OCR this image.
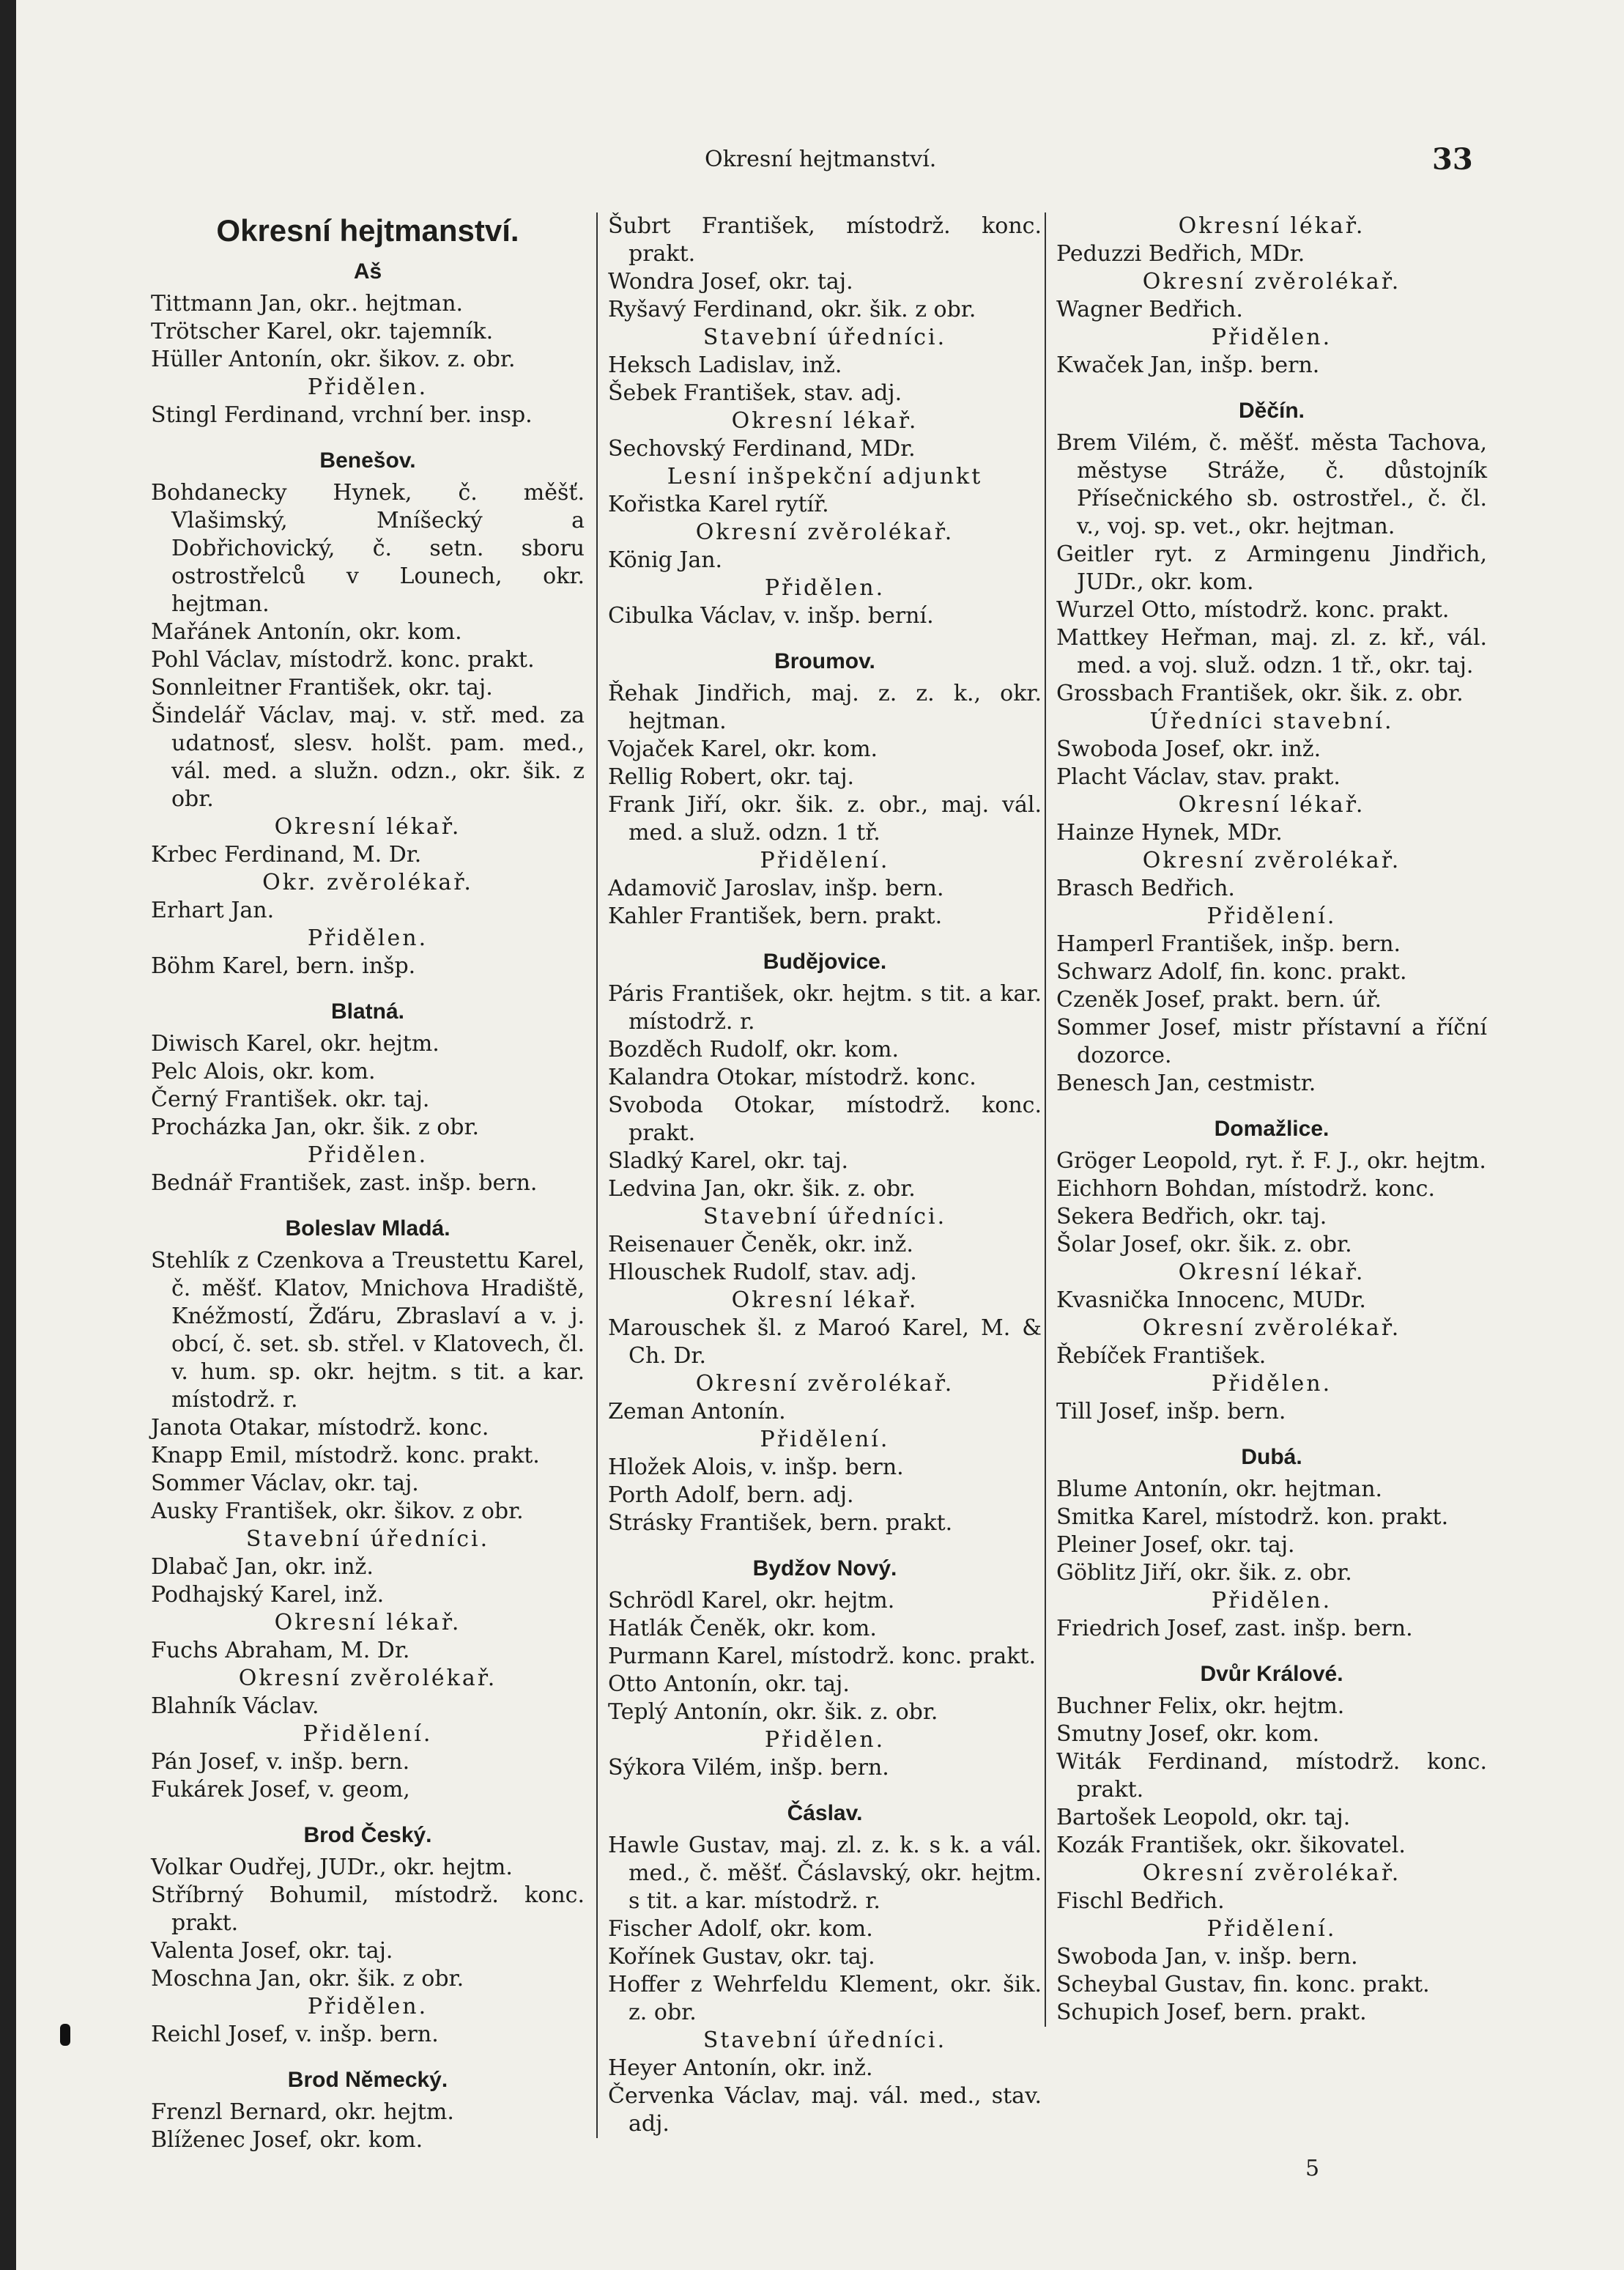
Okresní hejtmanství.	33
Okresní hejtmanství.
Aš
Tittmann Jan, okr.. hejtman.
Trötscher Karel, okr. tajemník.
Hüller Antonín, okr. šikov. z. obr.
Přidělen.
Stingl Ferdinand, vrchní ber. insp.
Benešov.
Bohdanecky Hynek, č. měšť. Vlašimský, Mníšecký a Dobřichovický, č. setn. sboru ostrostřelců v Lounech, okr. hejtman.
Mařánek Antonín, okr. kom.
Pohl Václav, místodrž. konc. prakt.
Sonnleitner František, okr. taj.
Šindelář Václav, maj. v. stř. med. za udatnosť, slesv. holšt. pam. med., vál. med. a služn. odzn., okr. šik. z obr.
Okresní lékař.
Krbec Ferdinand, M. Dr.
Okr. zvěrolékař.
Erhart Jan.
Přidělen.
Böhm Karel, bern. inšp.
Blatná.
Diwisch Karel, okr. hejtm.
Pelc Alois, okr. kom.
Černý František. okr. taj.
Procházka Jan, okr. šik. z obr.
Přidělen.
Bednář František, zast. inšp. bern.
Boleslav Mladá.
Stehlík z Czenkova a Treustettu Karel, č. měšť. Klatov, Mnichova Hradiště, Knéžmostí, Žďáru, Zbraslaví a v. j. obcí, č. set. sb. střel. v Klatovech, čl. v. hum. sp. okr. hejtm. s tit. a kar. místodrž. r.
Janota Otakar, místodrž. konc.
Knapp Emil, místodrž. konc. prakt.
Sommer Václav, okr. taj.
Ausky František, okr. šikov. z obr.
Stavební úředníci.
Dlabač Jan, okr. inž.
Podhajský Karel, inž.
Okresní lékař.
Fuchs Abraham, M. Dr.
Okresní zvěrolékař.
Blahník Václav.
Přidělení.
Pán Josef, v. inšp. bern.
Fukárek Josef, v. geom,
Brod Český.
Volkar Oudřej, JUDr., okr. hejtm.
Stříbrný Bohumil, místodrž. konc. prakt.
Valenta Josef, okr. taj.
Moschna Jan, okr. šik. z obr.
Přidělen.
Reichl Josef, v. inšp. bern.
Brod Německý.
Frenzl Bernard, okr. hejtm.
Blíženec Josef, okr. kom.
Šubrt František, místodrž. konc. prakt.
Wondra Josef, okr. taj.
Ryšavý Ferdinand, okr. šik. z obr.
Stavební úředníci.
Heksch Ladislav, inž.
Šebek František, stav. adj.
Okresní lékař.
Sechovský Ferdinand, MDr.
Lesní inšpekční adjunkt
Kořistka Karel rytíř.
Okresní zvěrolékař.
König Jan.
Přidělen.
Cibulka Václav, v. inšp. berní.
Broumov.
Řehak Jindřich, maj. z. z. k., okr. hejtman.
Vojaček Karel, okr. kom.
Rellig Robert, okr. taj.
Frank Jiří, okr. šik. z. obr., maj. vál. med. a služ. odzn. 1 tř.
Přidělení.
Adamovič Jaroslav, inšp. bern.
Kahler František, bern. prakt.
Budějovice.
Páris František, okr. hejtm. s tit. a kar. místodrž. r.
Bozděch Rudolf, okr. kom.
Kalandra Otokar, místodrž. konc.
Svoboda Otokar, místodrž. konc. prakt.
Sladký Karel, okr. taj.
Ledvina Jan, okr. šik. z. obr.
Stavební úředníci.
Reisenauer Čeněk, okr. inž.
Hlouschek Rudolf, stav. adj.
Okresní lékař.
Marouschek šl. z Maroó Karel, M. & Ch. Dr.
Okresní zvěrolékař.
Zeman Antonín.
Přidělení.
Hložek Alois, v. inšp. bern.
Porth Adolf, bern. adj.
Strásky František, bern. prakt.
Bydžov Nový.
Schrödl Karel, okr. hejtm.
Hatlák Čeněk, okr. kom.
Purmann Karel, místodrž. konc. prakt.
Otto Antonín, okr. taj.
Teplý Antonín, okr. šik. z. obr.
Přidělen.
Sýkora Vilém, inšp. bern.
Čáslav.
Hawle Gustav, maj. zl. z. k. s k. a vál. med., č. měšť. Čáslavský, okr. hejtm. s tit. a kar. místodrž. r.
Fischer Adolf, okr. kom.
Kořínek Gustav, okr. taj.
Hoffer z Wehrfeldu Klement, okr. šik. z. obr.
Stavební úředníci.
Heyer Antonín, okr. inž.
Červenka Václav, maj. vál. med., stav. adj.
Okresní lékař.
Peduzzi Bedřich, MDr.
Okresní zvěrolékař.
Wagner Bedřich.
Přidělen.
Kwaček Jan, inšp. bern.
Děčín.
Brem Vilém, č. měšť. města Tachova, městyse Stráže, č. důstojník Přísečnického sb. ostrostřel., č. čl. v., voj. sp. vet., okr. hejtman.
Geitler ryt. z Armingenu Jindřich, JUDr., okr. kom.
Wurzel Otto, místodrž. konc. prakt.
Mattkey Heřman, maj. zl. z. kř., vál. med. a voj. služ. odzn. 1 tř., okr. taj.
Grossbach František, okr. šik. z. obr.
Úředníci stavební.
Swoboda Josef, okr. inž.
Placht Václav, stav. prakt.
Okresní lékař.
Hainze Hynek, MDr.
Okresní zvěrolékař.
Brasch Bedřich.
Přidělení.
Hamperl František, inšp. bern.
Schwarz Adolf, fin. konc. prakt.
Czeněk Josef, prakt. bern. úř.
Sommer Josef, mistr přístavní a říční dozorce.
Benesch Jan, cestmistr.
Domažlice.
Gröger Leopold, ryt. ř. F. J., okr. hejtm.
Eichhorn Bohdan, místodrž. konc.
Sekera Bedřich, okr. taj.
Šolar Josef, okr. šik. z. obr.
Okresní lékař.
Kvasnička Innocenc, MUDr.
Okresní zvěrolékař.
Řebíček František.
Přidělen.
Till Josef, inšp. bern.
Dubá.
Blume Antonín, okr. hejtman.
Smitka Karel, místodrž. kon. prakt.
Pleiner Josef, okr. taj.
Göblitz Jiří, okr. šik. z. obr.
Přidělen.
Friedrich Josef, zast. inšp. bern.
Dvůr Králové.
Buchner Felix, okr. hejtm.
Smutny Josef, okr. kom.
Witák Ferdinand, místodrž. konc. prakt.
Bartošek Leopold, okr. taj.
Kozák František, okr. šikovatel.
Okresní zvěrolékař.
Fischl Bedřich.
Přidělení.
Swoboda Jan, v. inšp. bern.
Scheybal Gustav, fin. konc. prakt.
Schupich Josef, bern. prakt.
5
